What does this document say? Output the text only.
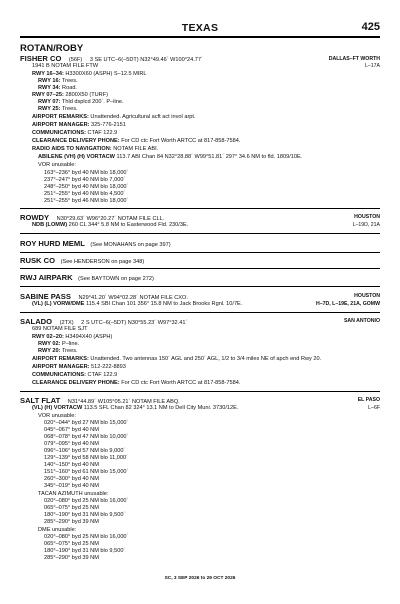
TEXAS	425
ROTAN/ROBY
FISHER CO (56F) 3 SE UTC–6(–5DT) N32°49.46´ W100°24.77´	DALLAS–FT WORTH
1941 B NOTAM FILE FTW	L–17A
RWY 16–34: H3300X60 (ASPH) S–12.5 MIRL
RWY 16: Trees.
RWY 34: Road.
RWY 07–25: 2800X50 (TURF)
RWY 07: Thld dsplcd 200´. P–line.
RWY 25: Trees.
AIRPORT REMARKS: Unattended. Agricultural acft act invol arpt.
AIRPORT MANAGER: 325-776-2151
COMMUNICATIONS: CTAF 122.9
CLEARANCE DELIVERY PHONE: For CD ctc Fort Worth ARTCC at 817-858-7584.
RADIO AIDS TO NAVIGATION: NOTAM FILE ABI.
ABILENE (VH) (H) VORTACW 113.7 ABI Chan 84 N32°28.88´ W99°51.81´ 297° 34.6 NM to fld. 1809/10E.
VOR unusable:
163°–236° byd 40 NM blo 18,000´
237°–247° byd 40 NM blo 7,000´
248°–250° byd 40 NM blo 18,000´
251°–255° byd 40 NM blo 4,500´
251°–255° byd 46 NM blo 18,000´
ROWDY N30°29.63´ W96°20.27´ NOTAM FILE CLL.	HOUSTON
NDB (LOMW) 260 CL 344° 5.8 NM to Easterwood Fld. 230/3E.	L–19D, 21A
ROY HURD MEML (See MONAHANS on page 397)
RUSK CO (See HENDERSON on page 348)
RWJ AIRPARK (See BAYTOWN on page 272)
SABINE PASS N29°41.20´ W94°02.28´ NOTAM FILE CXO.	HOUSTON
(VL) (L) VORW/DME 115.4 SBI Chan 101 356° 15.8 NM to Jack Brooks Rgnl. 10/7E.	H–7D, L–19E, 21A, GOMW
SALADO (2TX) 2 S UTC–6(–5DT) N30°55.23´ W97°32.41´	SAN ANTONIO
689 NOTAM FILE SJT
RWY 02–20: H3494X40 (ASPH)
RWY 02: P–line.
RWY 20: Trees.
AIRPORT REMARKS: Unattended. Two antennas 150´ AGL and 250´ AGL, 1/2 to 3/4 miles NE of apch end Rwy 20.
AIRPORT MANAGER: 512-222-8893
COMMUNICATIONS: CTAF 122.9
CLEARANCE DELIVERY PHONE: For CD ctc Fort Worth ARTCC at 817-858-7584.
SALT FLAT N31°44.89´ W105°05.21´ NOTAM FILE ABQ.	EL PASO
(VL) (H) VORTACW 113.5 SFL Chan 82 324° 13.1 NM to Dell City Muni. 3730/12E.	L–6F
VOR unusable:
020°–044° byd 27 NM blo 15,000´
045°–067° byd 40 NM
068°–078° byd 47 NM blo 10,000´
079°–095° byd 40 NM
096°–106° byd 57 NM blo 9,000´
129°–139° byd 58 NM blo 11,000´
140°–150° byd 40 NM
151°–160° byd 61 NM blo 15,000´
260°–300° byd 40 NM
345°–019° byd 40 NM
TACAN AZIMUTH unusable:
020°–080° byd 25 NM blo 16,000´
065°–075° byd 25 NM
180°–190° byd 31 NM blo 9,500´
285°–290° byd 39 NM
DME unusable:
020°–080° byd 25 NM blo 16,000´
065°–075° byd 25 NM
180°–190° byd 31 NM blo 9,500´
285°–290° byd 39 NM
SC, 3 SEP 2026 to 29 OCT 2026
